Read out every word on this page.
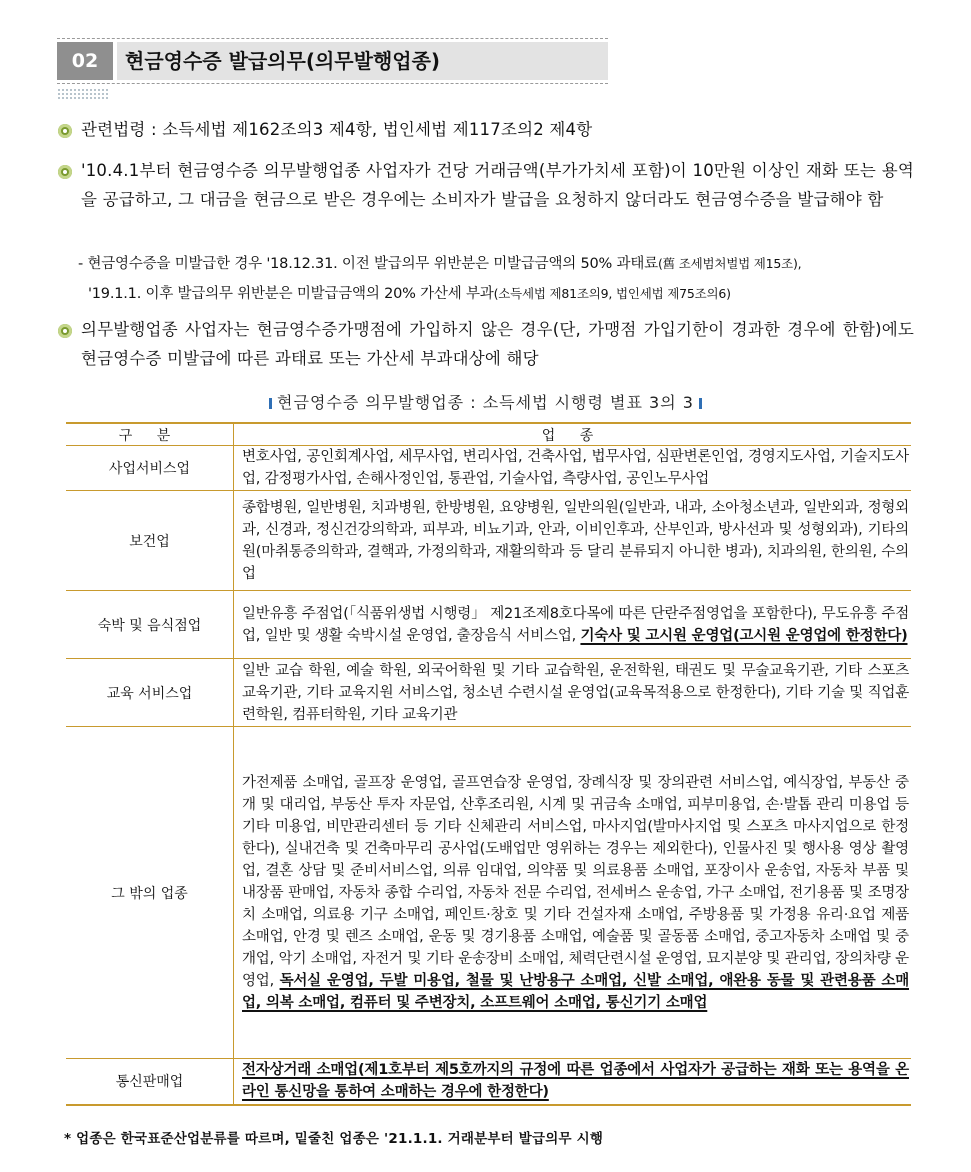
02	현금영수증 발급의무(의무발행업종)

관련법령 : 소득세법 제162조의3 제4항, 법인세법 제117조의2 제4항

'10.4.1부터 현금영수증 의무발행업종 사업자가 건당 거래금액(부가가치세 포함)이 10만원 이상인 재화 또는 용역을 공급하고, 그 대금을 현금으로 받은 경우에는 소비자가 발급을 요청하지 않더라도 현금영수증을 발급해야 함

- 현금영수증을 미발급한 경우 '18.12.31. 이전 발급의무 위반분은 미발급금액의 50% 과태료(舊 조세범처벌법 제15조),

'19.1.1. 이후 발급의무 위반분은 미발급금액의 20% 가산세 부과(소득세법 제81조의9, 법인세법 제75조의6)

의무발행업종 사업자는 현금영수증가맹점에 가입하지 않은 경우(단, 가맹점 가입기한이 경과한 경우에 한함)에도 현금영수증 미발급에 따른 과태료 또는 가산세 부과대상에 해당

현금영수증 의무발행업종 : 소득세법 시행령 별표 3의 3
구 분	업 종
사업서비스업	변호사업, 공인회계사업, 세무사업, 변리사업, 건축사업, 법무사업, 심판변론인업, 경영지도사업, 기술지도사업, 감정평가사업, 손해사정인업, 통관업, 기술사업, 측량사업, 공인노무사업
보건업	종합병원, 일반병원, 치과병원, 한방병원, 요양병원, 일반의원(일반과, 내과, 소아청소년과, 일반외과, 정형외과, 신경과, 정신건강의학과, 피부과, 비뇨기과, 안과, 이비인후과, 산부인과, 방사선과 및 성형외과), 기타의원(마취통증의학과, 결핵과, 가정의학과, 재활의학과 등 달리 분류되지 아니한 병과), 치과의원, 한의원, 수의업
숙박 및 음식점업	일반유흥 주점업(「식품위생법 시행령」 제21조제8호다목에 따른 단란주점영업을 포함한다), 무도유흥 주점업, 일반 및 생활 숙박시설 운영업, 출장음식 서비스업, 기숙사 및 고시원 운영업(고시원 운영업에 한정한다)
교육 서비스업	일반 교습 학원, 예술 학원, 외국어학원 및 기타 교습학원, 운전학원, 태권도 및 무술교육기관, 기타 스포츠 교육기관, 기타 교육지원 서비스업, 청소년 수련시설 운영업(교육목적용으로 한정한다), 기타 기술 및 직업훈련학원, 컴퓨터학원, 기타 교육기관
그 밖의 업종	가전제품 소매업, 골프장 운영업, 골프연습장 운영업, 장례식장 및 장의관련 서비스업, 예식장업, 부동산 중개 및 대리업, 부동산 투자 자문업, 산후조리원, 시계 및 귀금속 소매업, 피부미용업, 손·발톱 관리 미용업 등 기타 미용업, 비만관리센터 등 기타 신체관리 서비스업, 마사지업(발마사지업 및 스포츠 마사지업으로 한정한다), 실내건축 및 건축마무리 공사업(도배업만 영위하는 경우는 제외한다), 인물사진 및 행사용 영상 촬영업, 결혼 상담 및 준비서비스업, 의류 임대업, 의약품 및 의료용품 소매업, 포장이사 운송업, 자동차 부품 및 내장품 판매업, 자동차 종합 수리업, 자동차 전문 수리업, 전세버스 운송업, 가구 소매업, 전기용품 및 조명장치 소매업, 의료용 기구 소매업, 페인트·창호 및 기타 건설자재 소매업, 주방용품 및 가정용 유리·요업 제품 소매업, 안경 및 렌즈 소매업, 운동 및 경기용품 소매업, 예술품 및 골동품 소매업, 중고자동차 소매업 및 중개업, 악기 소매업, 자전거 및 기타 운송장비 소매업, 체력단련시설 운영업, 묘지분양 및 관리업, 장의차량 운영업, 독서실 운영업, 두발 미용업, 철물 및 난방용구 소매업, 신발 소매업, 애완용 동물 및 관련용품 소매업, 의복 소매업, 컴퓨터 및 주변장치, 소프트웨어 소매업, 통신기기 소매업
통신판매업	전자상거래 소매업(제1호부터 제5호까지의 규정에 따른 업종에서 사업자가 공급하는 재화 또는 용역을 온라인 통신망을 통하여 소매하는 경우에 한정한다)
* 업종은 한국표준산업분류를 따르며, 밑줄친 업종은 '21.1.1. 거래분부터 발급의무 시행
